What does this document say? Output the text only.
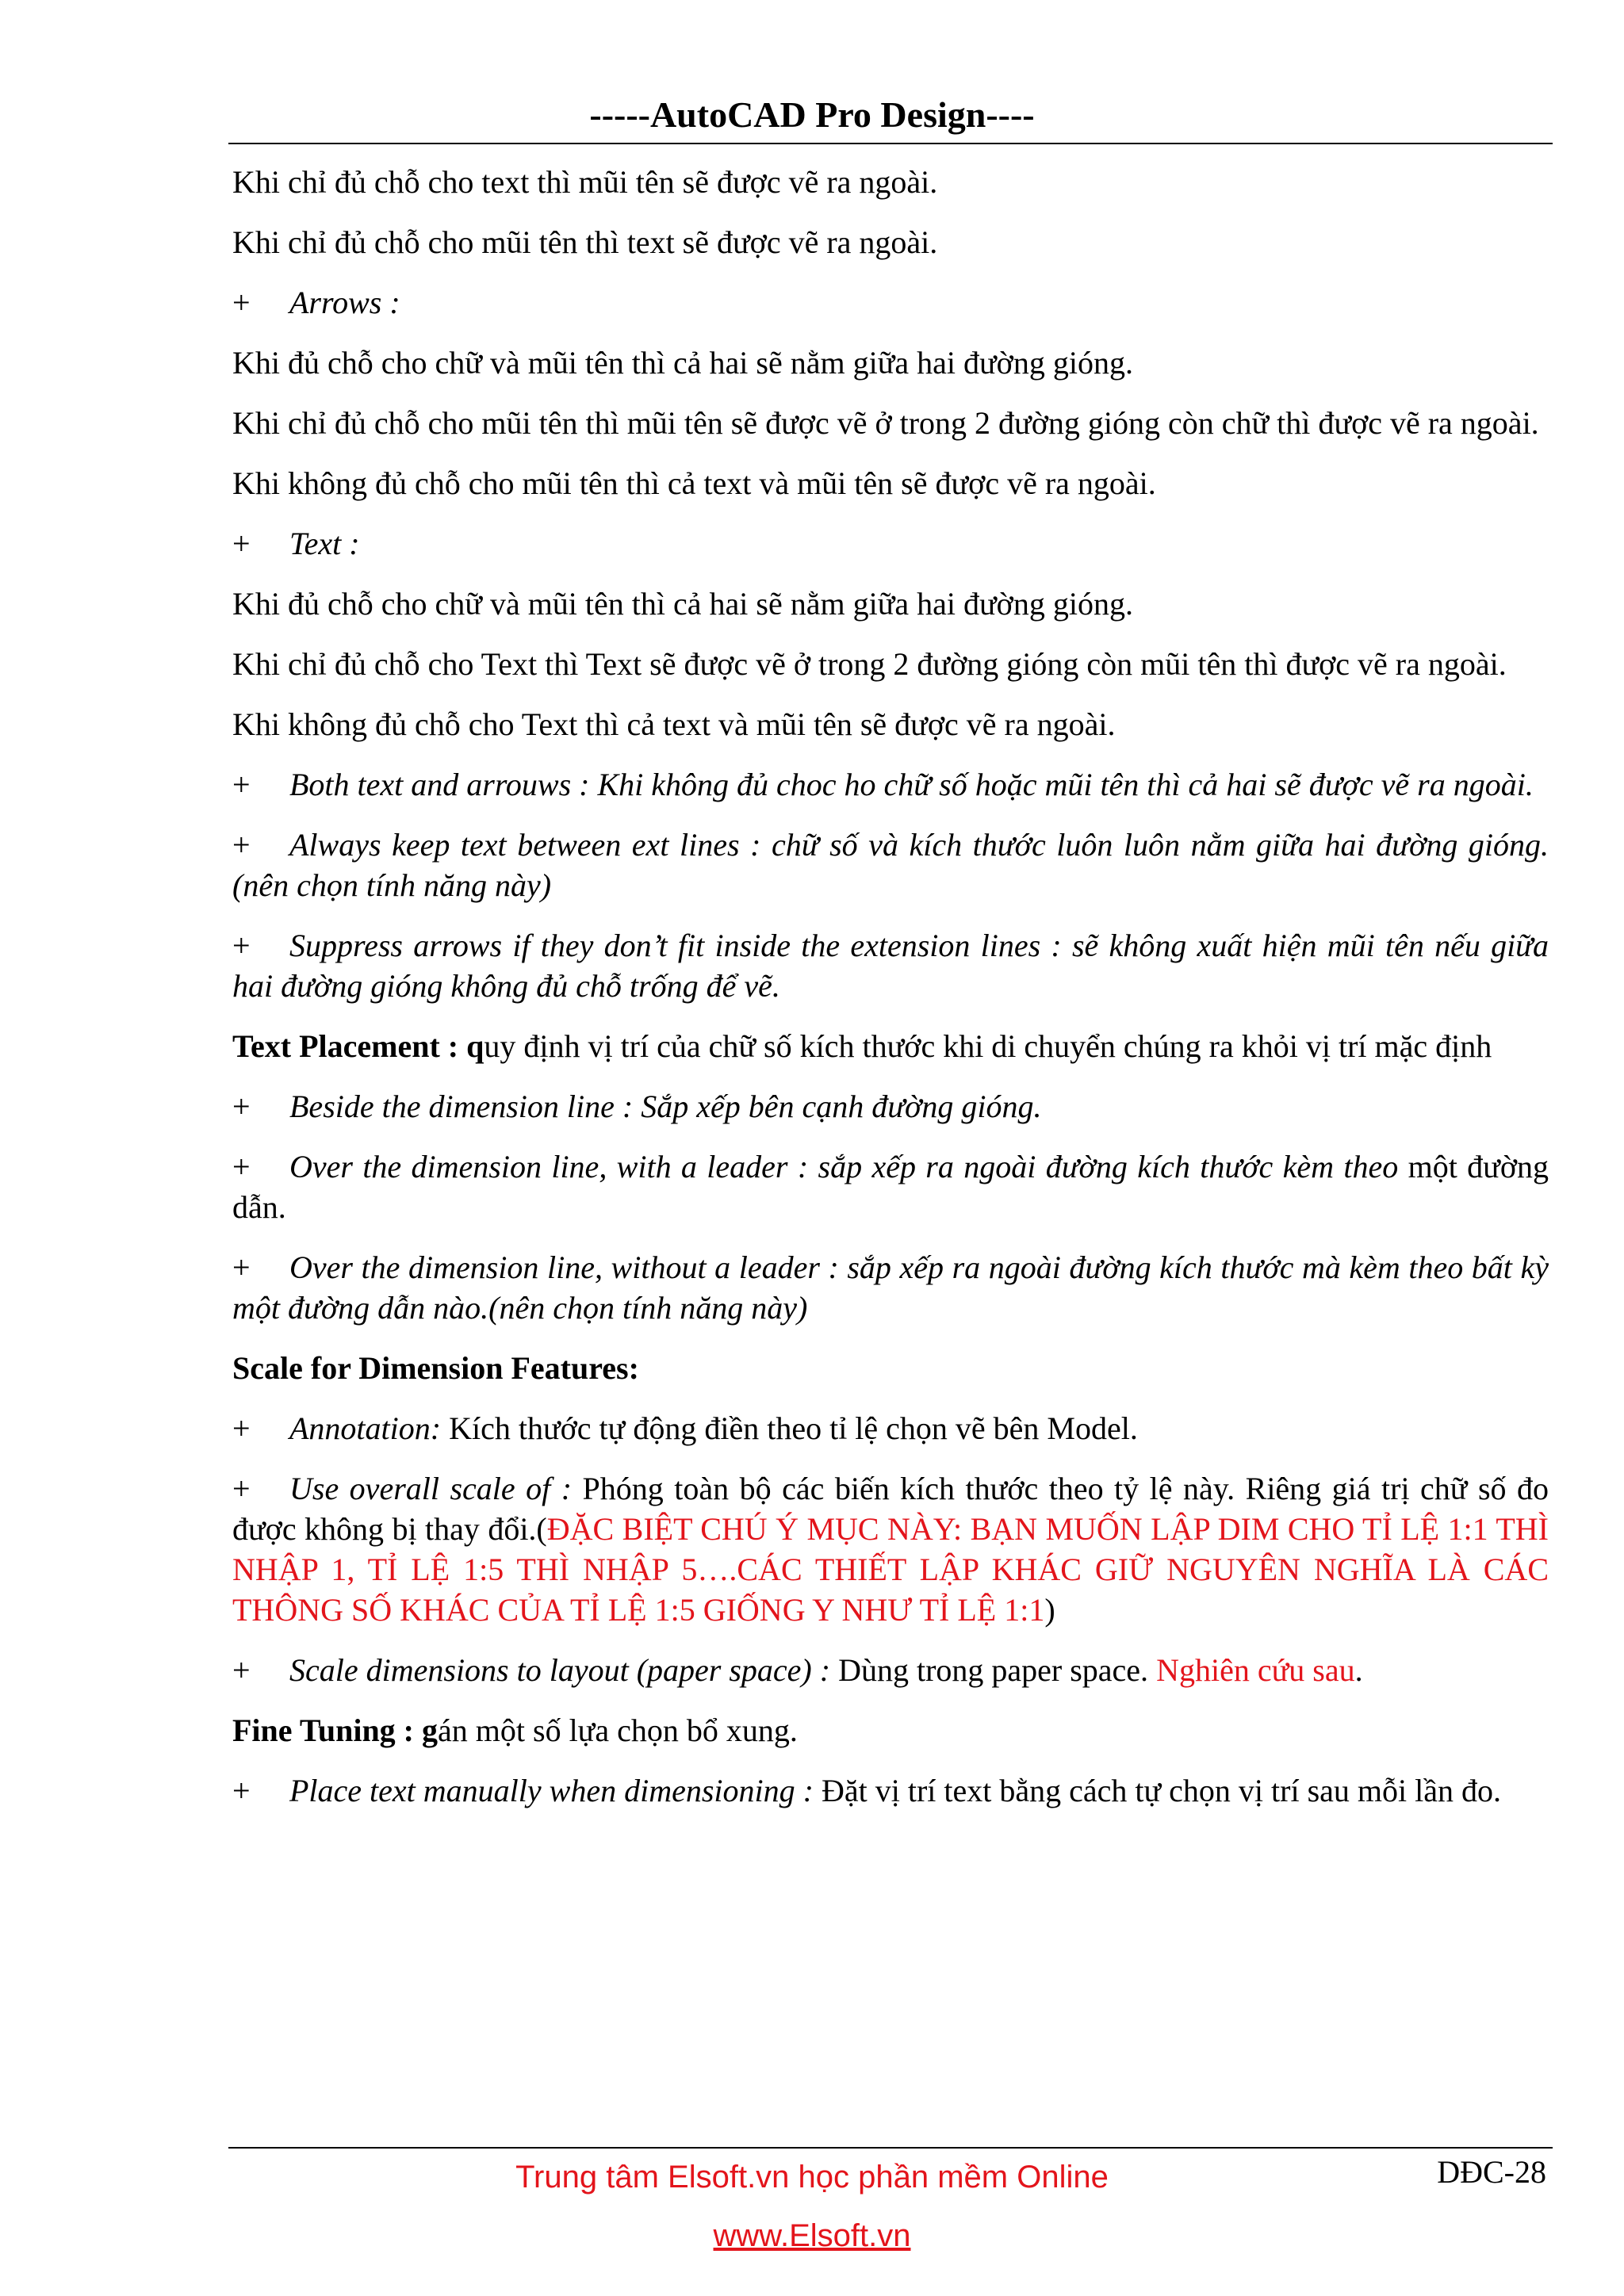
-----AutoCAD Pro Design----

Khi chỉ đủ chỗ cho text thì mũi tên sẽ được vẽ ra ngoài.

Khi chỉ đủ chỗ cho mũi tên thì text sẽ được vẽ ra ngoài.

+ Arrows :

Khi đủ chỗ cho chữ và mũi tên thì cả hai sẽ nằm giữa hai đường gióng.

Khi chỉ đủ chỗ cho mũi tên thì mũi tên sẽ được vẽ ở trong 2 đường gióng còn chữ thì được vẽ ra ngoài.

Khi không đủ chỗ cho mũi tên thì cả text và mũi tên sẽ được vẽ ra ngoài.

+ Text :

Khi đủ chỗ cho chữ và mũi tên thì cả hai sẽ nằm giữa hai đường gióng.

Khi chỉ đủ chỗ cho Text thì Text sẽ được vẽ ở trong 2 đường gióng còn mũi tên thì được vẽ ra ngoài.

Khi không đủ chỗ cho Text thì cả text và mũi tên sẽ được vẽ ra ngoài.

+ Both text and arrouws : Khi không đủ choc ho chữ số hoặc mũi tên thì cả hai sẽ được vẽ ra ngoài.

+ Always keep text between ext lines : chữ số và kích thước luôn luôn nằm giữa hai đường gióng.(nên chọn tính năng này)

+ Suppress arrows if they don’t fit inside the extension lines : sẽ không xuất hiện mũi tên nếu giữa hai đường gióng không đủ chỗ trống để vẽ.

Text Placement : quy định vị trí của chữ số kích thước khi di chuyển chúng ra khỏi vị trí mặc định

+ Beside the dimension line : Sắp xếp bên cạnh đường gióng.

+ Over the dimension line, with a leader : sắp xếp ra ngoài đường kích thước kèm theo một đường dẫn.

+ Over the dimension line, without a leader : sắp xếp ra ngoài đường kích thước mà kèm theo bất kỳ một đường dẫn nào.(nên chọn tính năng này)

Scale for Dimension Features:

+ Annotation: Kích thước tự động điền theo tỉ lệ chọn vẽ bên Model.

+ Use overall scale of : Phóng toàn bộ các biến kích thước theo tỷ lệ này. Riêng giá trị chữ số đo được không bị thay đổi.(ĐẶC BIỆT CHÚ Ý MỤC NÀY: BẠN MUỐN LẬP DIM CHO TỈ LỆ 1:1 THÌ NHẬP 1, TỈ LỆ 1:5 THÌ NHẬP 5….CÁC THIẾT LẬP KHÁC GIỮ NGUYÊN NGHĨA LÀ CÁC THÔNG SỐ KHÁC CỦA TỈ LỆ 1:5 GIỐNG Y NHƯ TỈ LỆ 1:1)

+ Scale dimensions to layout (paper space) : Dùng trong paper space. Nghiên cứu sau.

Fine Tuning : gán một số lựa chọn bổ xung.

+ Place text manually when dimensioning : Đặt vị trí text bằng cách tự chọn vị trí sau mỗi lần đo.

Trung tâm Elsoft.vn học phần mềm Online
www.Elsoft.vn
DĐC-28
